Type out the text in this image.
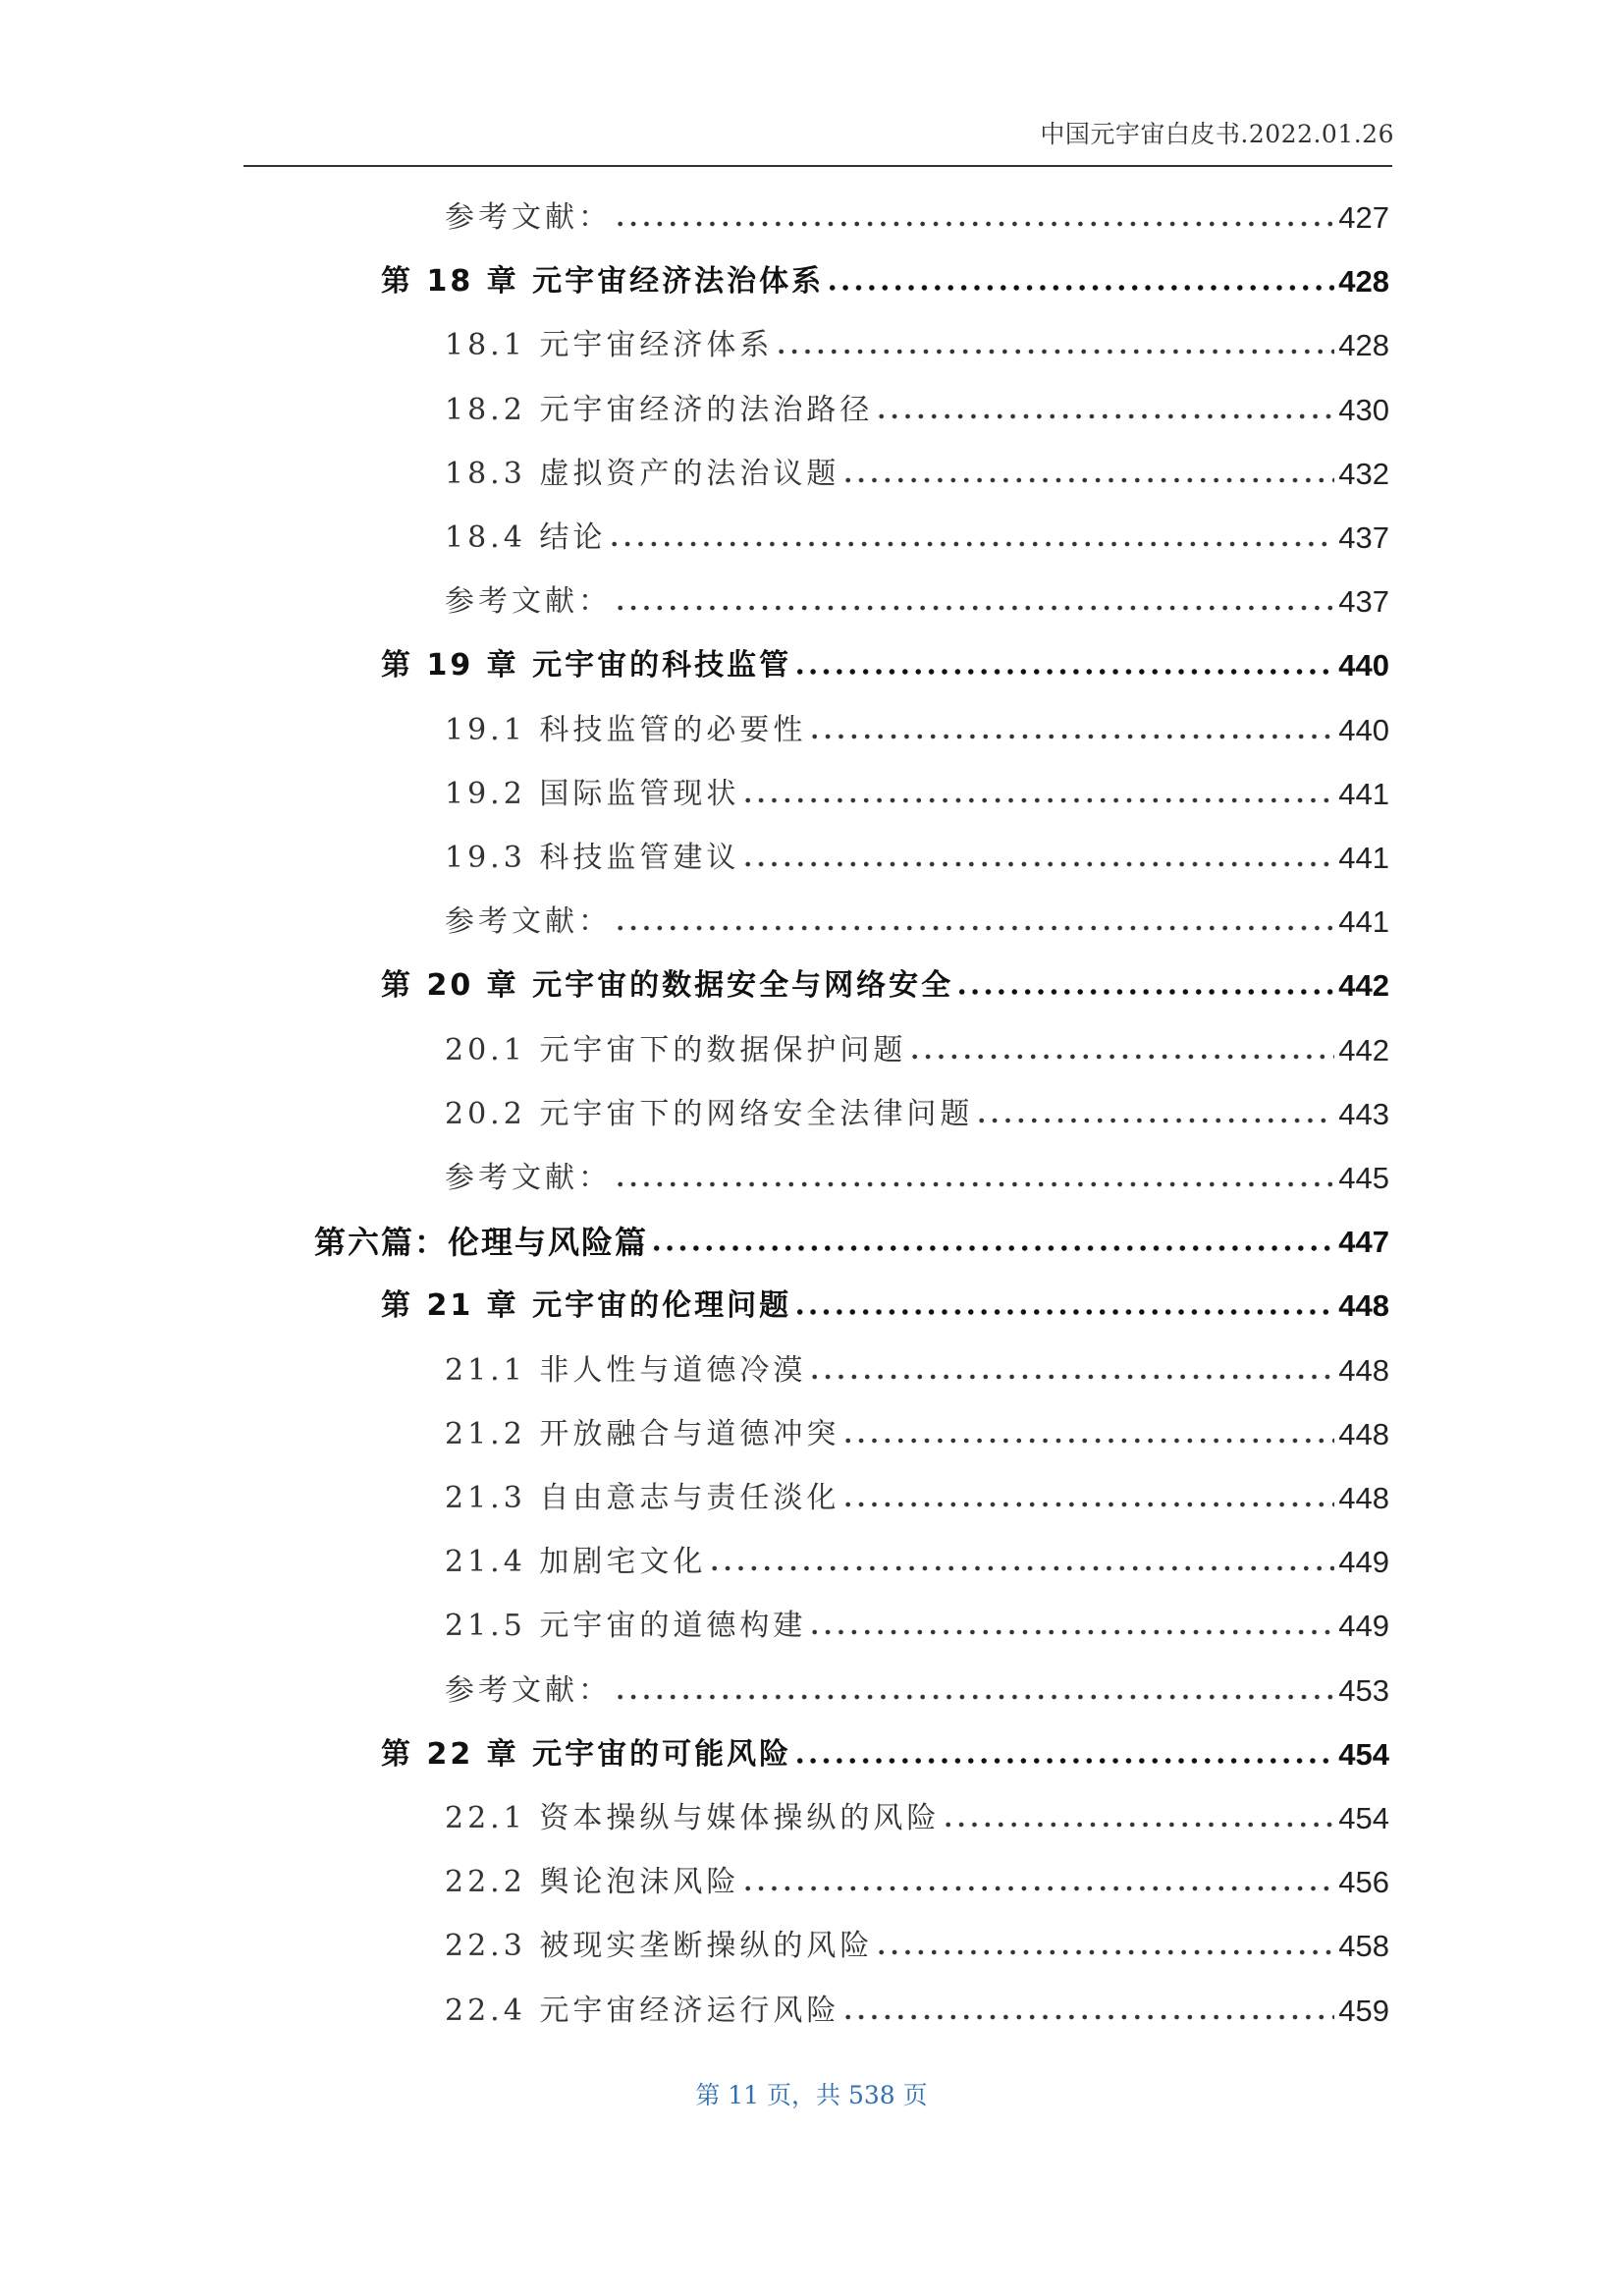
中国元宇宙白皮书.2022.01.26
参考文献：	427
第 18 章 元宇宙经济法治体系	428
18.1 元宇宙经济体系	428
18.2 元宇宙经济的法治路径	430
18.3 虚拟资产的法治议题	432
18.4 结论	437
参考文献：	437
第 19 章 元宇宙的科技监管	440
19.1 科技监管的必要性	440
19.2 国际监管现状	441
19.3 科技监管建议	441
参考文献：	441
第 20 章 元宇宙的数据安全与网络安全	442
20.1 元宇宙下的数据保护问题	442
20.2 元宇宙下的网络安全法律问题	443
参考文献：	445
第六篇：伦理与风险篇	447
第 21 章 元宇宙的伦理问题	448
21.1 非人性与道德冷漠	448
21.2 开放融合与道德冲突	448
21.3 自由意志与责任淡化	448
21.4 加剧宅文化	449
21.5 元宇宙的道德构建	449
参考文献：	453
第 22 章 元宇宙的可能风险	454
22.1 资本操纵与媒体操纵的风险	454
22.2 舆论泡沫风险	456
22.3 被现实垄断操纵的风险	458
22.4 元宇宙经济运行风险	459
第 11 页，共 538 页
